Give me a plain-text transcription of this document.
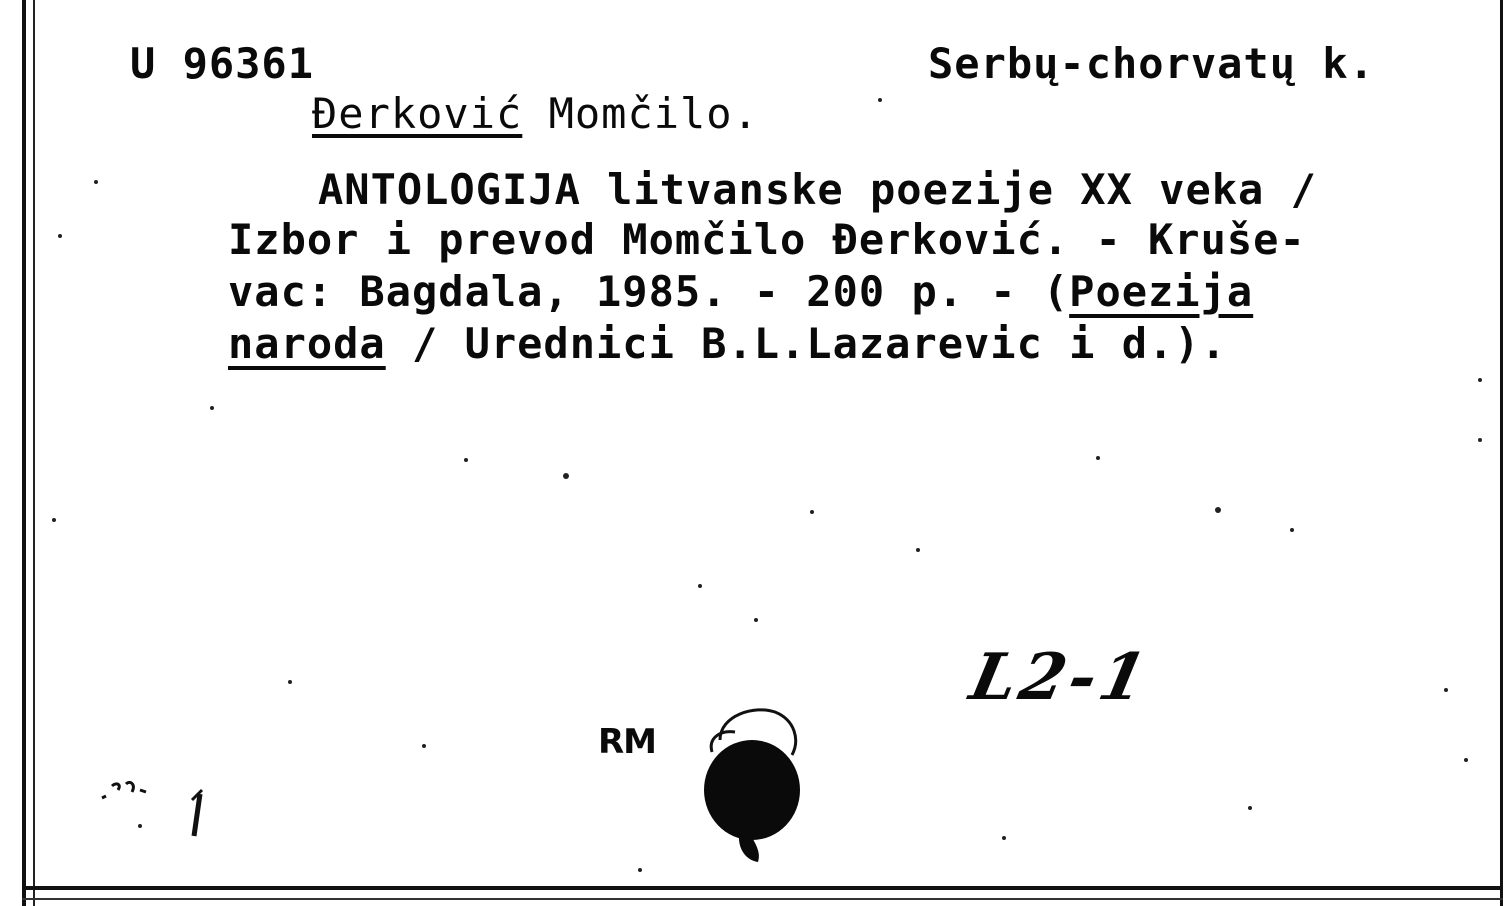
U 96361	Serbų-chorvatų k.
Đerković Momčilo.
ANTOLOGIJA litvanske poezije XX veka /
Izbor i prevod Momčilo Đerković. - Kruše-
vac: Bagdala, 1985. - 200 p. - (Poezija
naroda / Urednici B.L.Lazarevic i d.).
RM
L2-1
